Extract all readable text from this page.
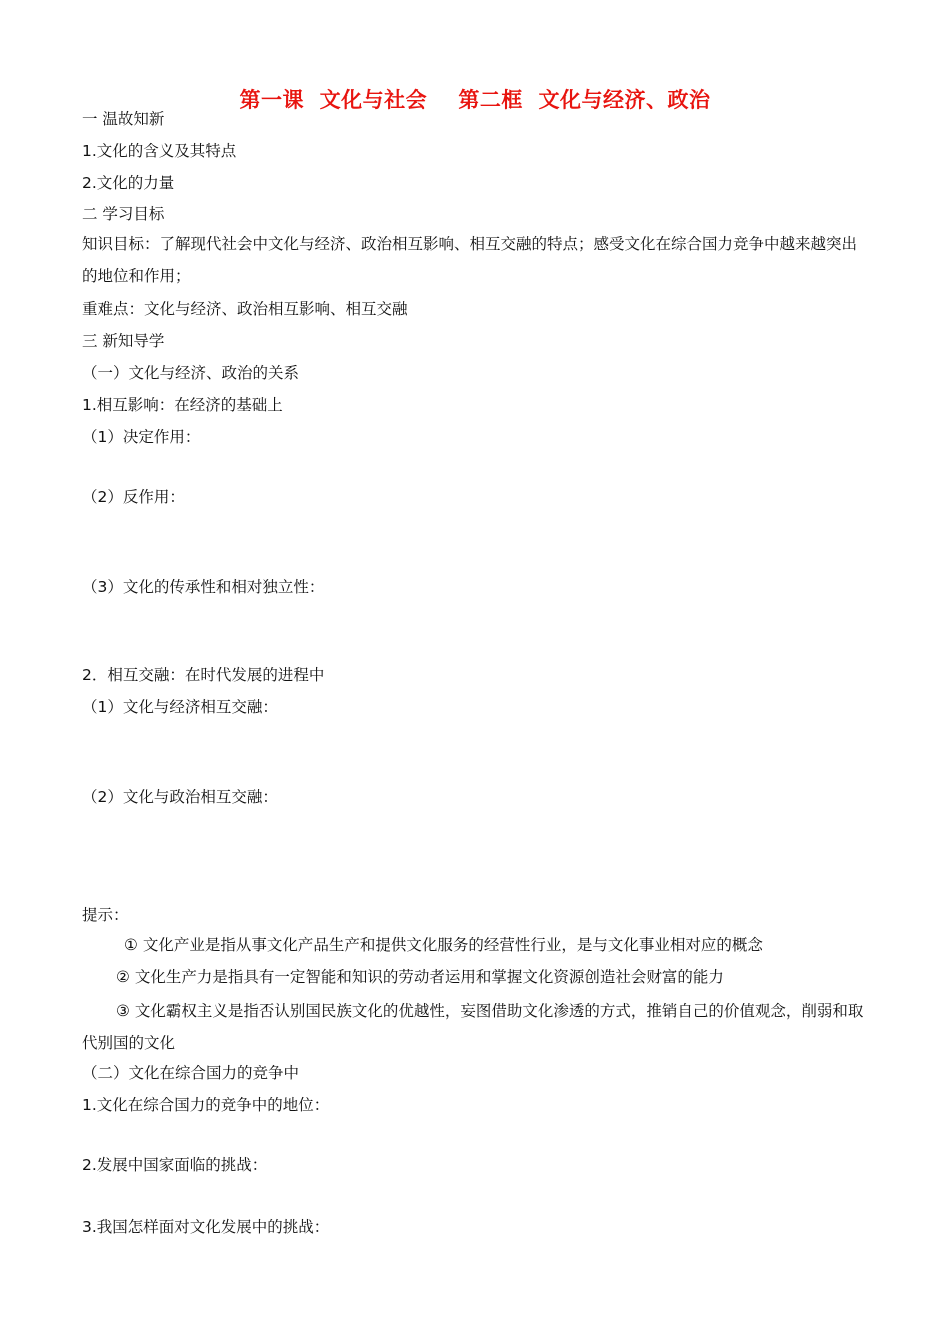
第一课  文化与社会    第二框  文化与经济、政治
一 温故知新
1.文化的含义及其特点
2.文化的力量
二 学习目标
知识目标：了解现代社会中文化与经济、政治相互影响、相互交融的特点；感受文化在综合国力竞争中越来越突出的地位和作用；
重难点：文化与经济、政治相互影响、相互交融
三 新知导学
（一）文化与经济、政治的关系
1.相互影响：在经济的基础上
（1）决定作用：
（2）反作用：
（3）文化的传承性和相对独立性：
2．相互交融：在时代发展的进程中
（1）文化与经济相互交融：
（2）文化与政治相互交融：
提示：
① 文化产业是指从事文化产品生产和提供文化服务的经营性行业，是与文化事业相对应的概念
② 文化生产力是指具有一定智能和知识的劳动者运用和掌握文化资源创造社会财富的能力
③ 文化霸权主义是指否认别国民族文化的优越性，妄图借助文化渗透的方式，推销自己的价值观念，削弱和取代别国的文化
（二）文化在综合国力的竞争中
1.文化在综合国力的竞争中的地位：
2.发展中国家面临的挑战：
3.我国怎样面对文化发展中的挑战：
